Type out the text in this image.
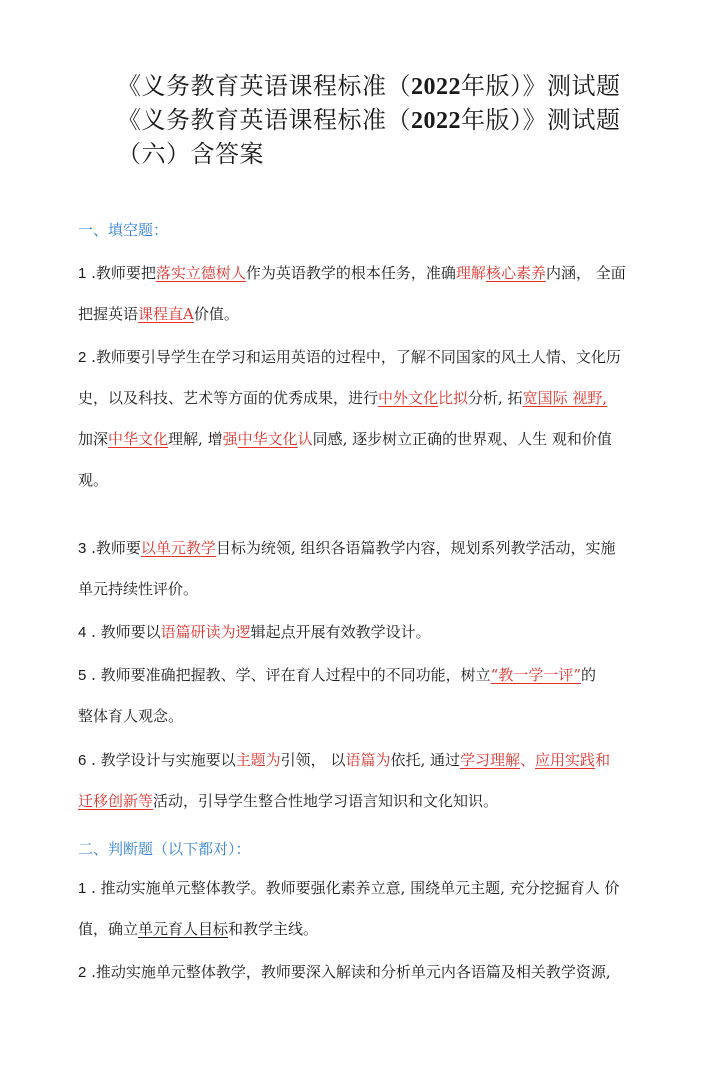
《义务教育英语课程标准（2022年版）》测试题
《义务教育英语课程标准（2022年版）》测试题
（六）含答案
一、填空题：
1 .教师要把落实立德树人作为英语教学的根本任务，准确理解核心素养内涵， 全面
把握英语课程直A价值。
2 .教师要引导学生在学习和运用英语的过程中，了解不同国家的风土人情、文化历
史，以及科技、艺术等方面的优秀成果，进行中外文化比拟分析, 拓宽国际 视野,
加深中华文化理解, 增强中华文化认同感, 逐步树立正确的世界观、人生 观和价值
观。
3 .教师要以单元教学目标为统领, 组织各语篇教学内容，规划系列教学活动，实施
单元持续性评价。
4 . 教师要以语篇研读为逻辑起点开展有效教学设计。
5 . 教师要准确把握教、学、评在育人过程中的不同功能，树立“教一学一评”的
整体育人观念。
6 . 教学设计与实施要以主题为引领， 以语篇为依托, 通过学习理解、应用实践和
迁移创新等活动，引导学生整合性地学习语言知识和文化知识。
二、判断题（以下都对）：
1 . 推动实施单元整体教学。教师要强化素养立意, 围绕单元主题, 充分挖掘育人 价
值，确立单元育人目标和教学主线。
2 .推动实施单元整体教学，教师要深入解读和分析单元内各语篇及相关教学资源,
